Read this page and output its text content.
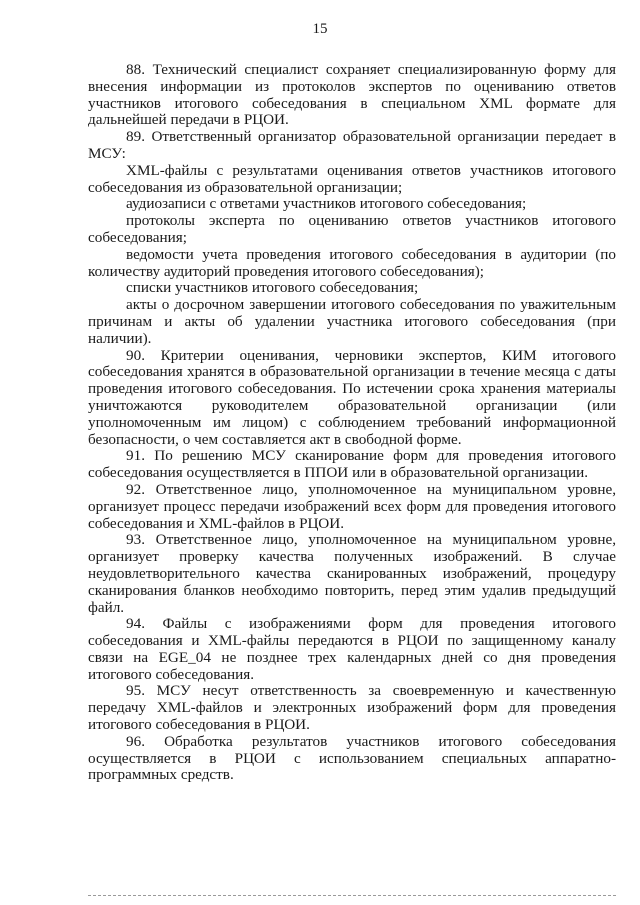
15

88. Технический специалист сохраняет специализированную форму для внесения информации из протоколов экспертов по оцениванию ответов участников итогового собеседования в специальном XML формате для дальнейшей передачи в РЦОИ.

89. Ответственный организатор образовательной организации передает в МСУ:

XML-файлы с результатами оценивания ответов участников итогового собеседования из образовательной организации;

аудиозаписи с ответами участников итогового собеседования;

протоколы эксперта по оцениванию ответов участников итогового собеседования;

ведомости учета проведения итогового собеседования в аудитории (по количеству аудиторий проведения итогового собеседования);

списки участников итогового собеседования;

акты о досрочном завершении итогового собеседования по уважительным причинам и акты об удалении участника итогового собеседования (при наличии).

90. Критерии оценивания, черновики экспертов, КИМ итогового собеседования хранятся в образовательной организации в течение месяца с даты проведения итогового собеседования. По истечении срока хранения материалы уничтожаются руководителем образовательной организации (или уполномоченным им лицом) с соблюдением требований информационной безопасности, о чем составляется акт в свободной форме.

91. По решению МСУ сканирование форм для проведения итогового собеседования осуществляется в ППОИ или в образовательной организации.

92. Ответственное лицо, уполномоченное на муниципальном уровне, организует процесс передачи изображений всех форм для проведения итогового собеседования и XML-файлов в РЦОИ.

93. Ответственное лицо, уполномоченное на муниципальном уровне, организует проверку качества полученных изображений. В случае неудовлетворительного качества сканированных изображений, процедуру сканирования бланков необходимо повторить, перед этим удалив предыдущий файл.

94. Файлы с изображениями форм для проведения итогового собеседования и XML-файлы передаются в РЦОИ по защищенному каналу связи на EGE_04 не позднее трех календарных дней со дня проведения итогового собеседования.

95. МСУ несут ответственность за своевременную и качественную передачу XML-файлов и электронных изображений форм для проведения итогового собеседования в РЦОИ.

96. Обработка результатов участников итогового собеседования осуществляется в РЦОИ с использованием специальных аппаратно-программных средств.
